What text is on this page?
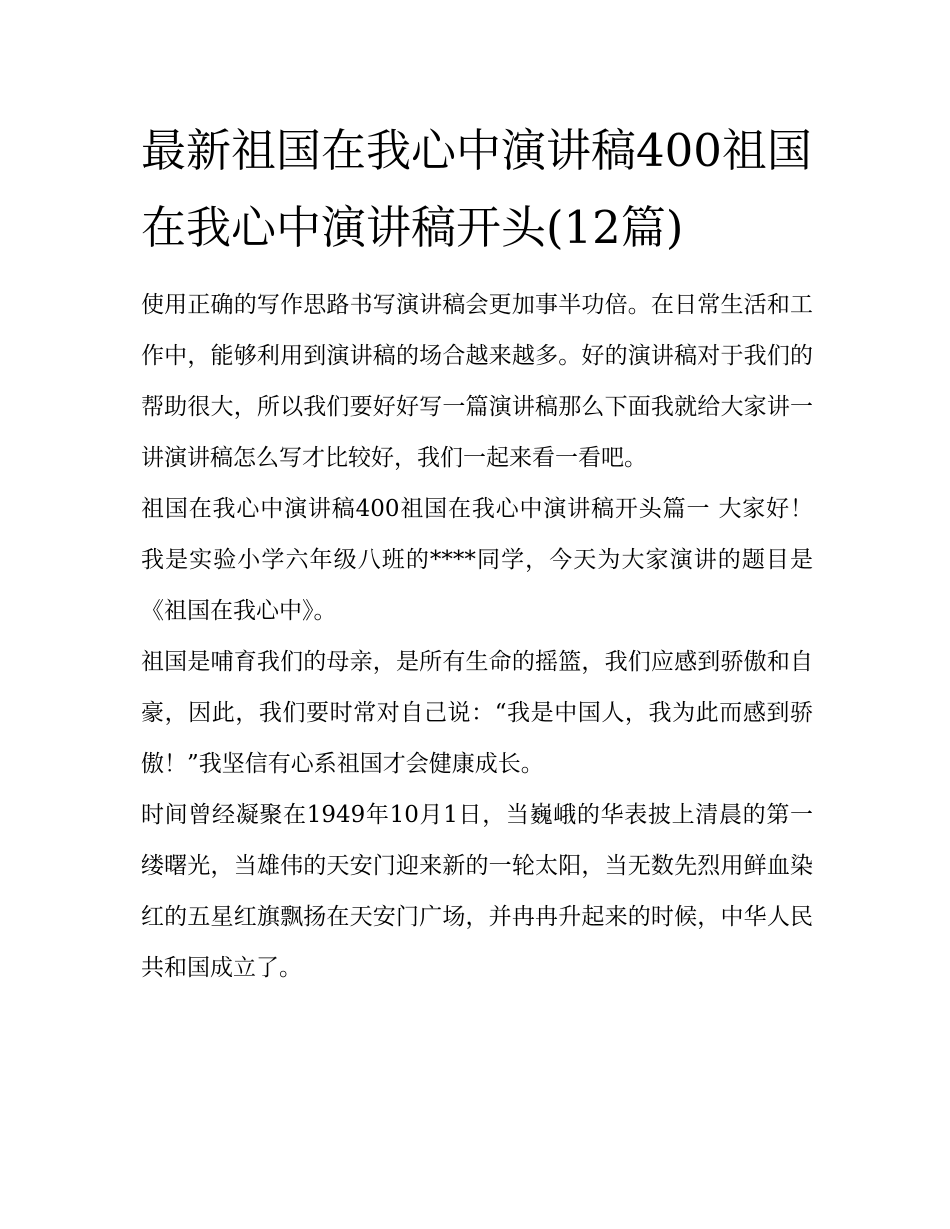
最新祖国在我心中演讲稿400祖国在我心中演讲稿开头(12篇)

使用正确的写作思路书写演讲稿会更加事半功倍。在日常生活和工作中，能够利用到演讲稿的场合越来越多。好的演讲稿对于我们的帮助很大，所以我们要好好写一篇演讲稿那么下面我就给大家讲一讲演讲稿怎么写才比较好，我们一起来看一看吧。

祖国在我心中演讲稿400祖国在我心中演讲稿开头篇一 大家好！ 我是实验小学六年级八班的****同学，今天为大家演讲的题目是《祖国在我心中》。

祖国是哺育我们的母亲，是所有生命的摇篮，我们应感到骄傲和自豪，因此，我们要时常对自己说：“我是中国人，我为此而感到骄傲！”我坚信有心系祖国才会健康成长。

时间曾经凝聚在1949年10月1日，当巍峨的华表披上清晨的第一缕曙光，当雄伟的天安门迎来新的一轮太阳，当无数先烈用鲜血染红的五星红旗飘扬在天安门广场，并冉冉升起来的时候，中华人民共和国成立了。
